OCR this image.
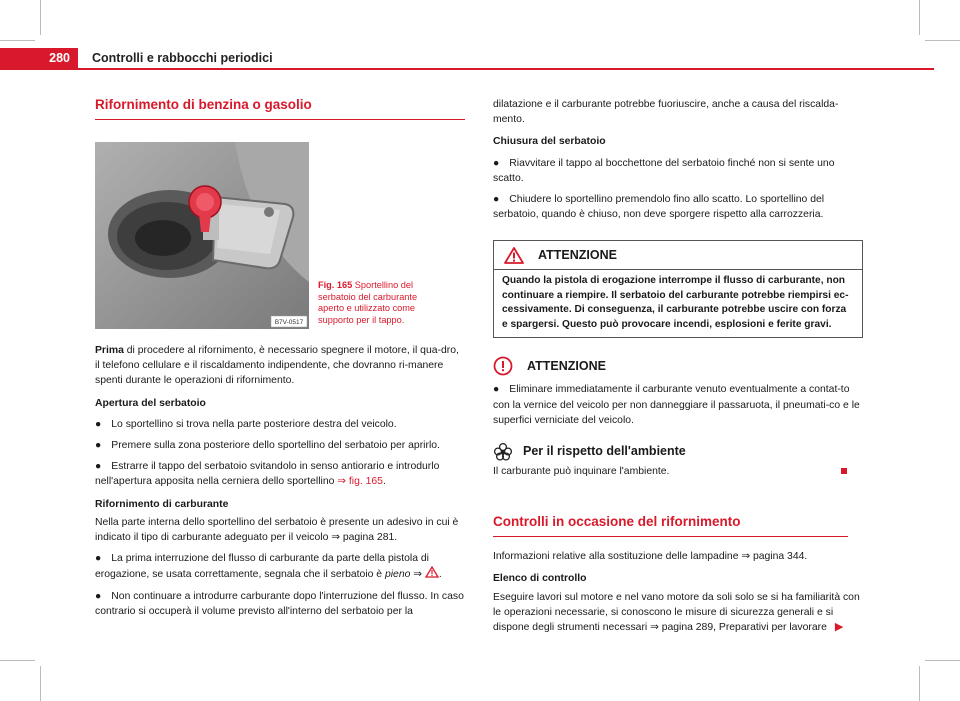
280	Controlli e rabbocchi periodici
Rifornimento di benzina o gasolio
B7V-0517
Fig. 165 Sportellino del serbatoio del carburante aperto e utilizzato come supporto per il tappo.
Prima di procedere al rifornimento, è necessario spegnere il motore, il qua-dro, il telefono cellulare e il riscaldamento indipendente, che dovranno ri-manere spenti durante le operazioni di rifornimento.
Apertura del serbatoio
● Lo sportellino si trova nella parte posteriore destra del veicolo.
● Premere sulla zona posteriore dello sportellino del serbatoio per aprirlo.
● Estrarre il tappo del serbatoio svitandolo in senso antiorario e introdurlo nell'apertura apposita nella cerniera dello sportellino ⇒ fig. 165.
Rifornimento di carburante
Nella parte interna dello sportellino del serbatoio è presente un adesivo in cui è indicato il tipo di carburante adeguato per il veicolo ⇒ pagina 281.
● La prima interruzione del flusso di carburante da parte della pistola di erogazione, se usata correttamente, segnala che il serbatoio è pieno ⇒ .
● Non continuare a introdurre carburante dopo l'interruzione del flusso. In caso contrario si occuperà il volume previsto all'interno del serbatoio per la
dilatazione e il carburante potrebbe fuoriuscire, anche a causa del riscalda-mento.
Chiusura del serbatoio
● Riavvitare il tappo al bocchettone del serbatoio finché non si sente uno scatto.
● Chiudere lo sportellino premendolo fino allo scatto. Lo sportellino del serbatoio, quando è chiuso, non deve sporgere rispetto alla carrozzeria.
ATTENZIONE
Quando la pistola di erogazione interrompe il flusso di carburante, non continuare a riempire. Il serbatoio del carburante potrebbe riempirsi ec-cessivamente. Di conseguenza, il carburante potrebbe uscire con forza e spargersi. Questo può provocare incendi, esplosioni e ferite gravi.
ATTENZIONE
● Eliminare immediatamente il carburante venuto eventualmente a contat-to con la vernice del veicolo per non danneggiare il passaruota, il pneumati-co e le superfici verniciate del veicolo.
Per il rispetto dell'ambiente
Il carburante può inquinare l'ambiente.
Controlli in occasione del rifornimento
Informazioni relative alla sostituzione delle lampadine ⇒ pagina 344.
Elenco di controllo
Eseguire lavori sul motore e nel vano motore da soli solo se si ha familiarità con le operazioni necessarie, si conoscono le misure di sicurezza generali e si dispone degli strumenti necessari ⇒ pagina 289, Preparativi per lavorare ▶
